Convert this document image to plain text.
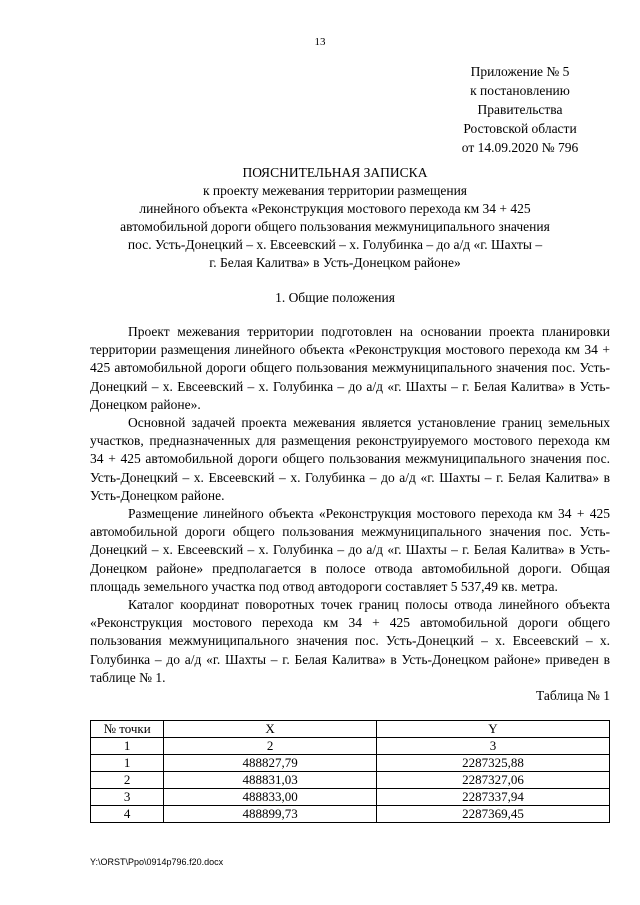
13
Приложение № 5
к постановлению
Правительства
Ростовской области
от 14.09.2020 № 796
ПОЯСНИТЕЛЬНАЯ ЗАПИСКА
к проекту межевания территории размещения
линейного объекта «Реконструкция мостового перехода км 34 + 425
автомобильной дороги общего пользования межмуниципального значения
пос. Усть-Донецкий – х. Евсеевский – х. Голубинка – до а/д «г. Шахты –
г. Белая Калитва» в Усть-Донецком районе»
1. Общие положения

Проект межевания территории подготовлен на основании проекта планировки территории размещения линейного объекта «Реконструкция мостового перехода км 34 + 425 автомобильной дороги общего пользования межмуниципального значения пос. Усть-Донецкий – х. Евсеевский – х. Голубинка – до а/д «г. Шахты – г. Белая Калитва» в Усть-Донецком районе».

Основной задачей проекта межевания является установление границ земельных участков, предназначенных для размещения реконструируемого мостового перехода км 34 + 425 автомобильной дороги общего пользования межмуниципального значения пос. Усть-Донецкий – х. Евсеевский – х. Голубинка – до а/д «г. Шахты – г. Белая Калитва» в Усть-Донецком районе.

Размещение линейного объекта «Реконструкция мостового перехода км 34 + 425 автомобильной дороги общего пользования межмуниципального значения пос. Усть-Донецкий – х. Евсеевский – х. Голубинка – до а/д «г. Шахты – г. Белая Калитва» в Усть-Донецком районе» предполагается в полосе отвода автомобильной дороги. Общая площадь земельного участка под отвод автодороги составляет 5 537,49 кв. метра.

Каталог координат поворотных точек границ полосы отвода линейного объекта «Реконструкция мостового перехода км 34 + 425 автомобильной дороги общего пользования межмуниципального значения пос. Усть-Донецкий – х. Евсеевский – х. Голубинка – до а/д «г. Шахты – г. Белая Калитва» в Усть-Донецком районе» приведен в таблице № 1.

Таблица № 1
№ точки	X	Y
1	2	3
1	488827,79	2287325,88
2	488831,03	2287327,06
3	488833,00	2287337,94
4	488899,73	2287369,45
Y:\ORST\Ppo\0914p796.f20.docx
